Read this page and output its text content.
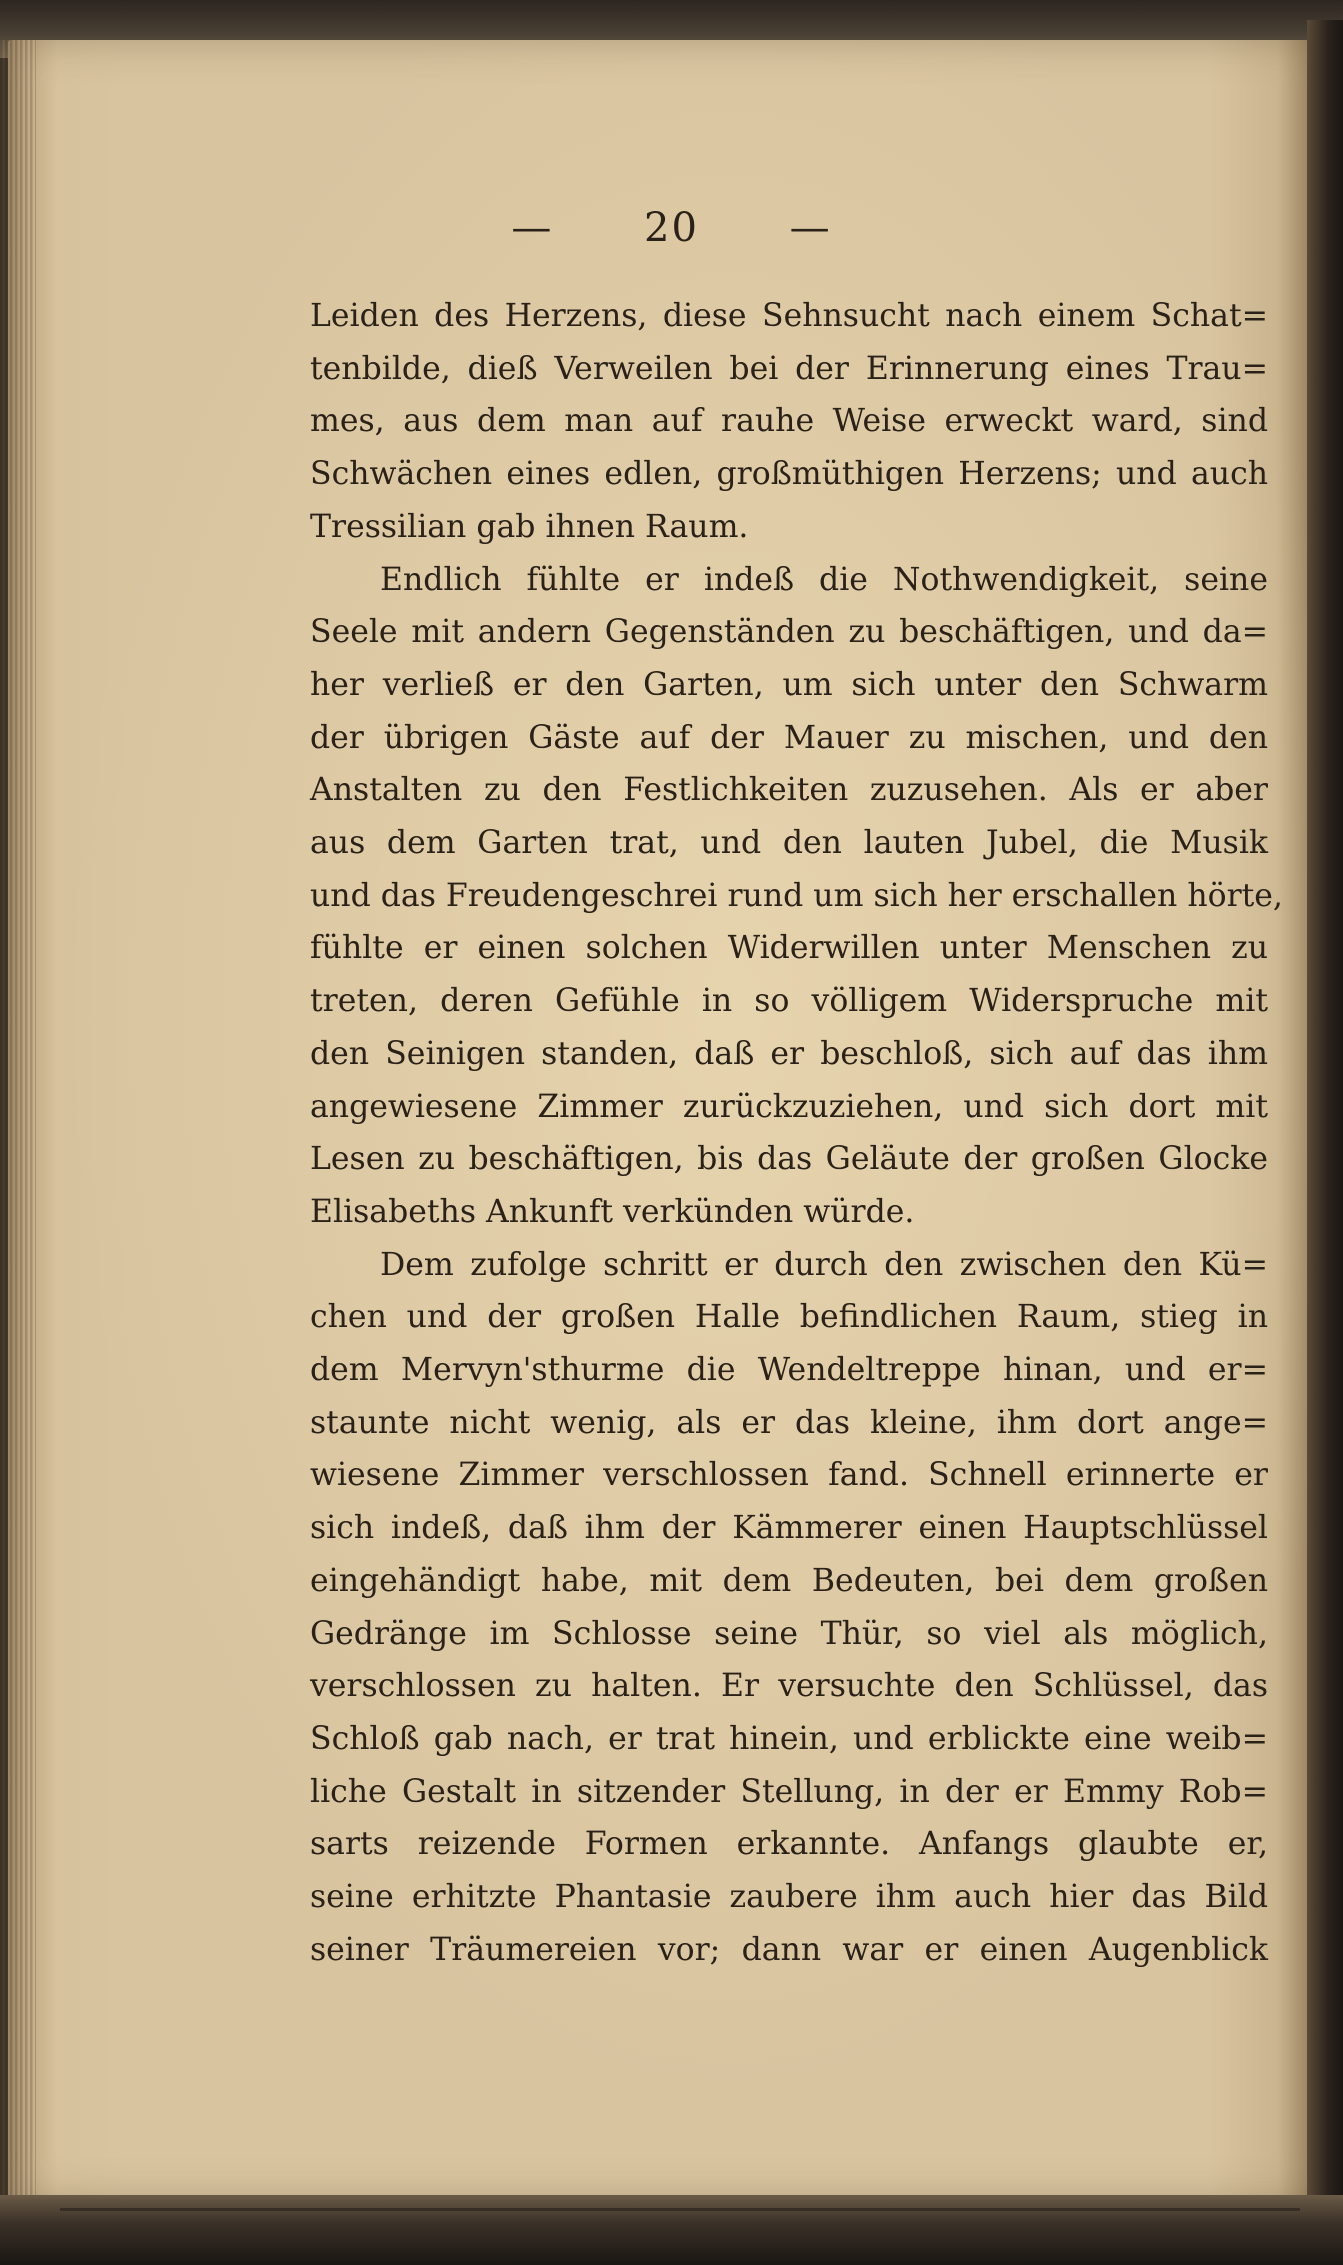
— 20 —
Leiden des Herzens, diese Sehnsucht nach einem Schat=
tenbilde, dieß Verweilen bei der Erinnerung eines Trau=
mes, aus dem man auf rauhe Weise erweckt ward, sind
Schwächen eines edlen, großmüthigen Herzens; und auch
Tressilian gab ihnen Raum.
Endlich fühlte er indeß die Nothwendigkeit, seine
Seele mit andern Gegenständen zu beschäftigen, und da=
her verließ er den Garten, um sich unter den Schwarm
der übrigen Gäste auf der Mauer zu mischen, und den
Anstalten zu den Festlichkeiten zuzusehen. Als er aber
aus dem Garten trat, und den lauten Jubel, die Musik
und das Freudengeschrei rund um sich her erschallen hörte,
fühlte er einen solchen Widerwillen unter Menschen zu
treten, deren Gefühle in so völligem Widerspruche mit
den Seinigen standen, daß er beschloß, sich auf das ihm
angewiesene Zimmer zurückzuziehen, und sich dort mit
Lesen zu beschäftigen, bis das Geläute der großen Glocke
Elisabeths Ankunft verkünden würde.
Dem zufolge schritt er durch den zwischen den Kü=
chen und der großen Halle befindlichen Raum, stieg in
dem Mervyn'sthurme die Wendeltreppe hinan, und er=
staunte nicht wenig, als er das kleine, ihm dort ange=
wiesene Zimmer verschlossen fand. Schnell erinnerte er
sich indeß, daß ihm der Kämmerer einen Hauptschlüssel
eingehändigt habe, mit dem Bedeuten, bei dem großen
Gedränge im Schlosse seine Thür, so viel als möglich,
verschlossen zu halten. Er versuchte den Schlüssel, das
Schloß gab nach, er trat hinein, und erblickte eine weib=
liche Gestalt in sitzender Stellung, in der er Emmy Rob=
sarts reizende Formen erkannte. Anfangs glaubte er,
seine erhitzte Phantasie zaubere ihm auch hier das Bild
seiner Träumereien vor; dann war er einen Augenblick
